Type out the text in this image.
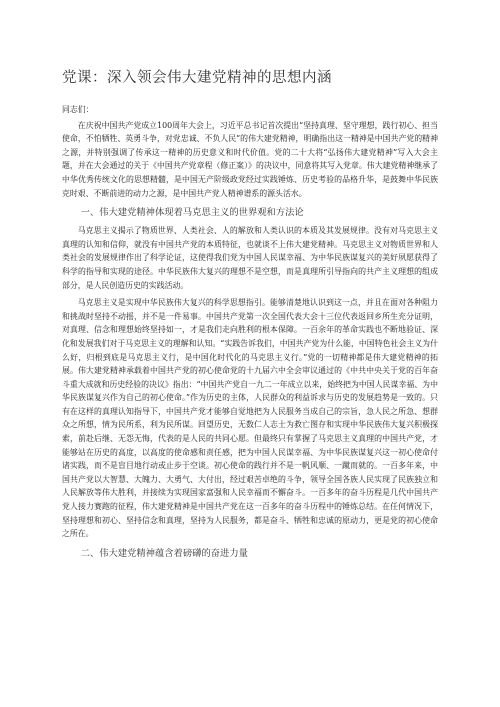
党课：深入领会伟大建党精神的思想内涵
同志们：

在庆祝中国共产党成立100周年大会上，习近平总书记首次提出“坚持真理、坚守理想，践行初心、担当使命，不怕牺牲、英勇斗争，对党忠诚、不负人民”的伟大建党精神，明确指出这一精神是中国共产党的精神之源，并特别强调了传承这一精神的历史意义和时代价值。党的二十大将“弘扬伟大建党精神”写入大会主题，并在大会通过的关于《中国共产党章程（修正案）》的决议中，同意将其写入党章。伟大建党精神继承了中华优秀传统文化的思想精髓，是中国无产阶级政党经过实践锤炼、历史考验的品格升华，是鼓舞中华民族克时艰、不断前进的动力之源，是中国共产党人精神谱系的源头活水。

一、伟大建党精神体现着马克思主义的世界观和方法论

马克思主义揭示了物质世界、人类社会、人的解放和人类认识的本质及其发展规律。没有对马克思主义真理的认知和信仰，就没有中国共产党的本质特征，也就谈不上伟大建党精神。马克思主义对物质世界和人类社会的发展规律作出了科学论证，这使得我们党为中国人民谋幸福、为中华民族谋复兴的美好夙愿获得了科学的指导和实现的途径。中华民族伟大复兴的理想不是空想，而是真理所引导指向的共产主义理想的组成部分，是人民创造历史的实践活动。

马克思主义是实现中华民族伟大复兴的科学思想指引。能够清楚地认识到这一点，并且在面对各种阻力和挑战时坚持不动摇，并不是一件易事。中国共产党第一次全国代表大会十三位代表返回乡所生充分证明，对真理、信念和理想始终坚持如一，才是我们走向胜利的根本保障。一百余年的革命实践也不断地验证、深化和发展我们对于马克思主义的理解和认知。“实践告诉我们，中国共产党为什么能，中国特色社会主义为什么好，归根到底是马克思主义行，是中国化时代化的马克思主义行。”党的一切精神都是伟大建党精神的拓展。伟大建党精神承载着中国共产党的初心使命党的十九届六中全会审议通过的《中共中央关于党的百年奋斗重大成就和历史经验的决议》指出：“中国共产党自一九二一年成立以来，始终把为中国人民谋幸福、为中华民族谋复兴作为自己的初心使命。”作为历史的主体，人民群众的利益诉求与历史的发展趋势是一致的。只有在这样的真理认知指导下，中国共产党才能够自觉地把为人民服务当成自己的宗旨，急人民之所急、想群众之所想，情为民所系，利为民所谋。回望历史，无数仁人志士为救亡图存和实现中华民族伟大复兴积极探索，前赴后继、无怨无悔，代表的是人民的共同心愿。但最终只有掌握了马克思主义真理的中国共产党，才能够站在历史的高度，以高度的使命感和责任感，把为中国人民谋幸福、为中华民族谋复兴这一初心使命付诸实践，而不是盲目地行动或止步于空谈。初心使命的践行并不是一帆风顺、一蹴而就的。一百多年来，中国共产党以大智慧、大魄力、大勇气、大付出，经过艰苦卓绝的斗争，领导全国各族人民实现了民族独立和人民解放等伟大胜利，并接续为实现国家富强和人民幸福而不懈奋斗。一百多年的奋斗历程是几代中国共产党人接力赛跑的征程，伟大建党精神是中国共产党在这一百多年的奋斗历程中的锤炼总结。在任何情况下，坚持理想和初心、坚持信念和真理，坚持为人民服务，都是奋斗、牺牲和忠诚的原动力，更是党的初心使命之所在。

二、伟大建党精神蕴含着磅礴的奋进力量
